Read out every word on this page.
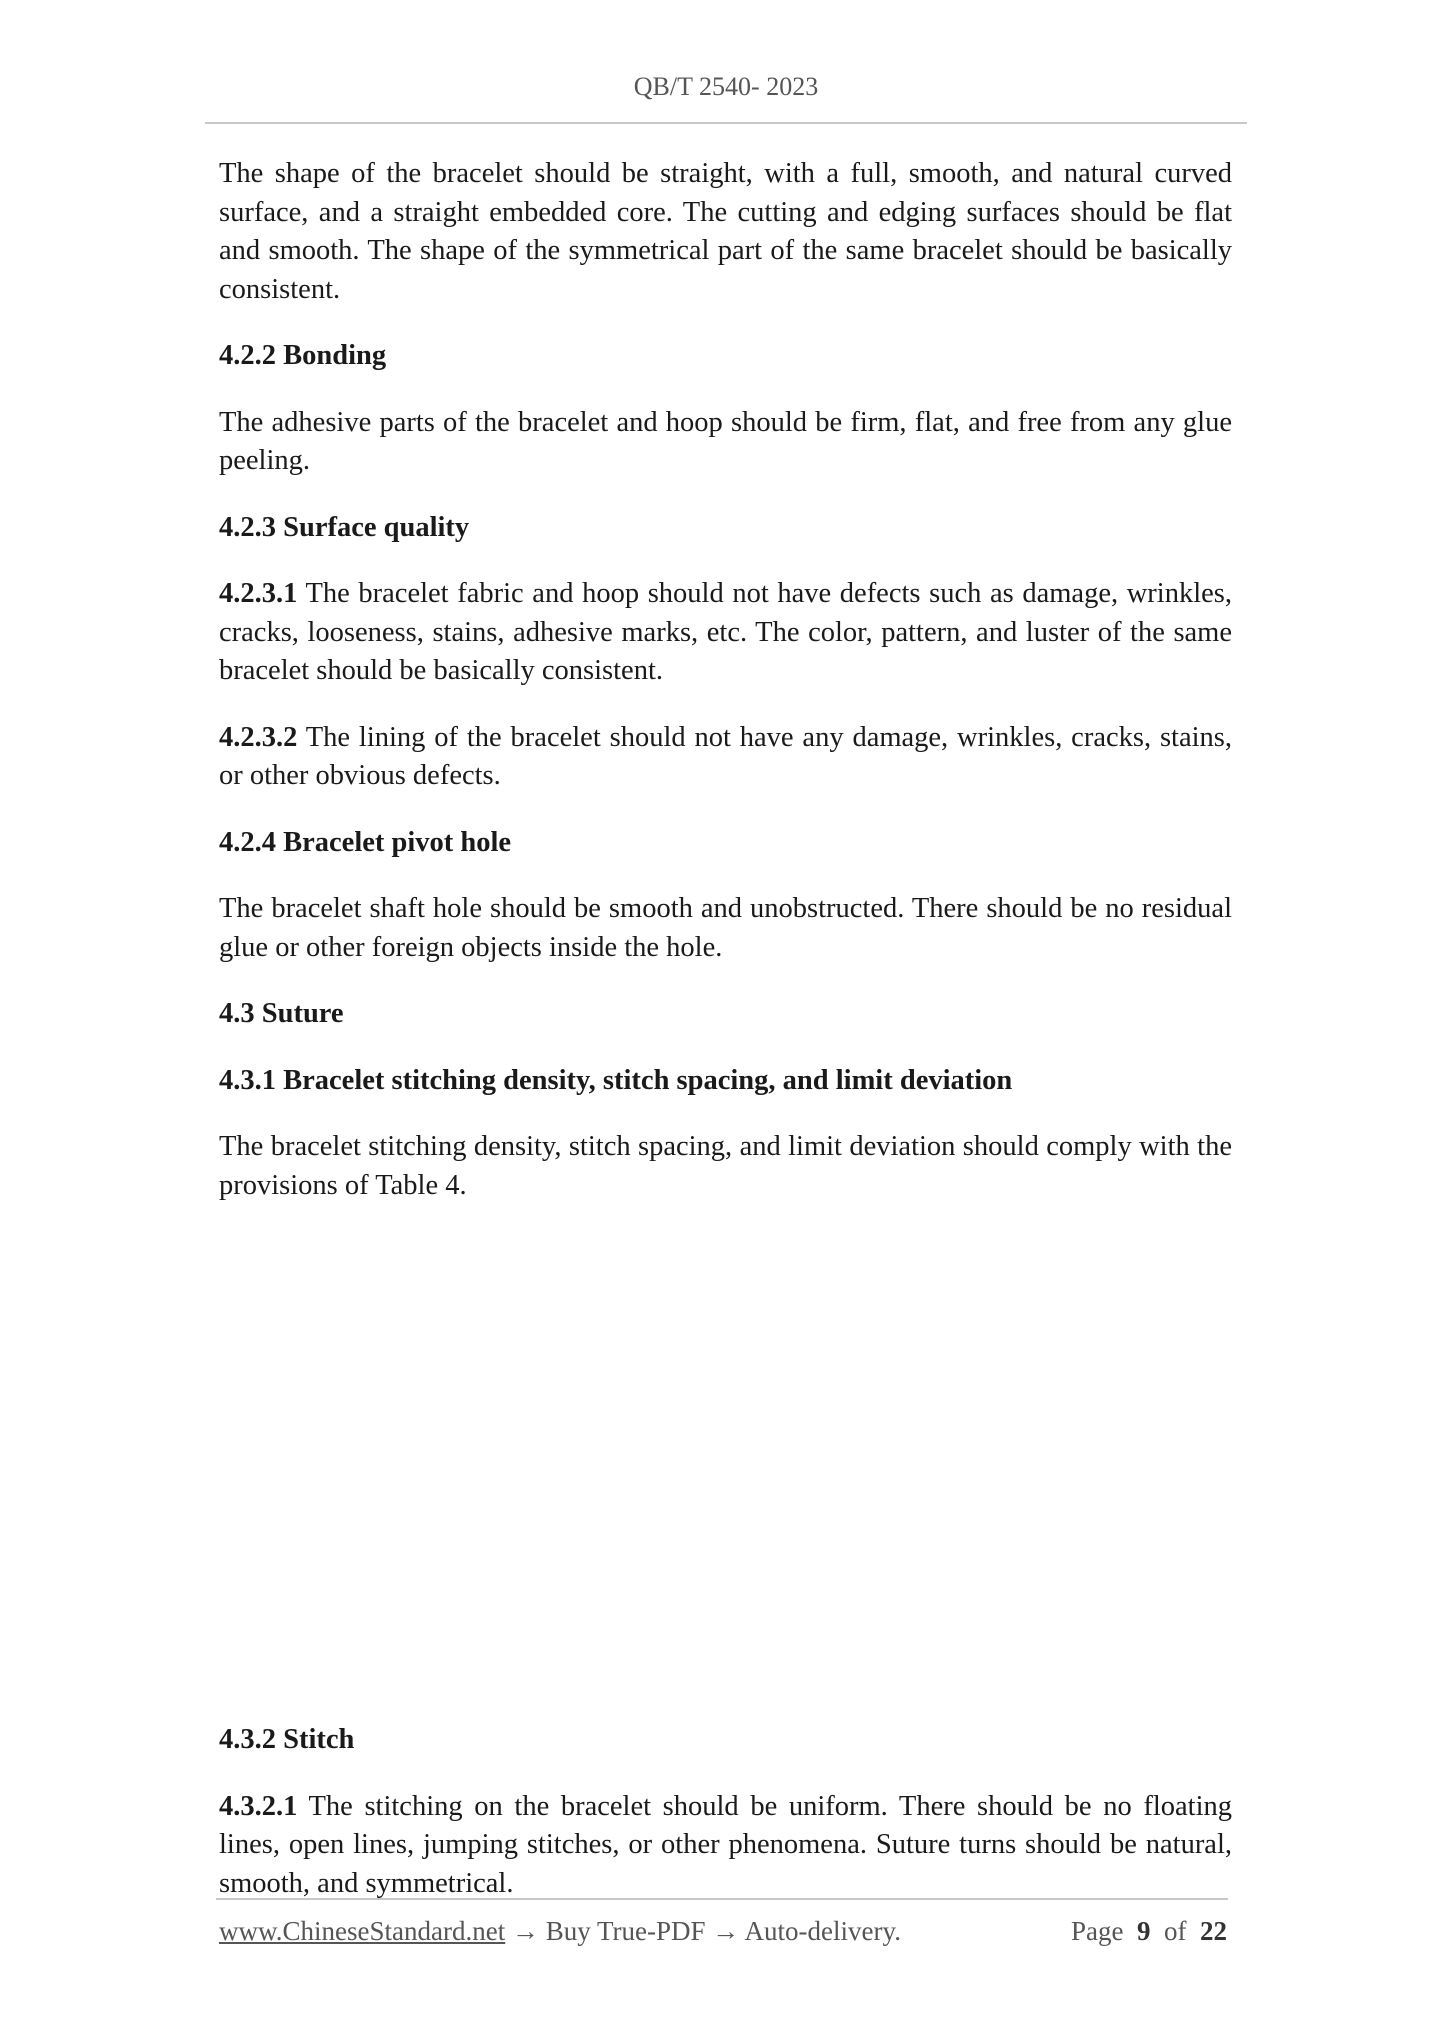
QB/T 2540- 2023

The shape of the bracelet should be straight, with a full, smooth, and natural curved surface, and a straight embedded core. The cutting and edging surfaces should be flat and smooth. The shape of the symmetrical part of the same bracelet should be basically consistent.

4.2.2 Bonding

The adhesive parts of the bracelet and hoop should be firm, flat, and free from any glue peeling.

4.2.3 Surface quality

4.2.3.1 The bracelet fabric and hoop should not have defects such as damage, wrinkles, cracks, looseness, stains, adhesive marks, etc. The color, pattern, and luster of the same bracelet should be basically consistent.

4.2.3.2 The lining of the bracelet should not have any damage, wrinkles, cracks, stains, or other obvious defects.

4.2.4 Bracelet pivot hole

The bracelet shaft hole should be smooth and unobstructed. There should be no residual glue or other foreign objects inside the hole.

4.3 Suture

4.3.1 Bracelet stitching density, stitch spacing, and limit deviation

The bracelet stitching density, stitch spacing, and limit deviation should comply with the provisions of Table 4.

4.3.2 Stitch

4.3.2.1 The stitching on the bracelet should be uniform. There should be no floating lines, open lines, jumping stitches, or other phenomena. Suture turns should be natural, smooth, and symmetrical.

www.ChineseStandard.net → Buy True-PDF → Auto-delivery.	Page 9 of 22
